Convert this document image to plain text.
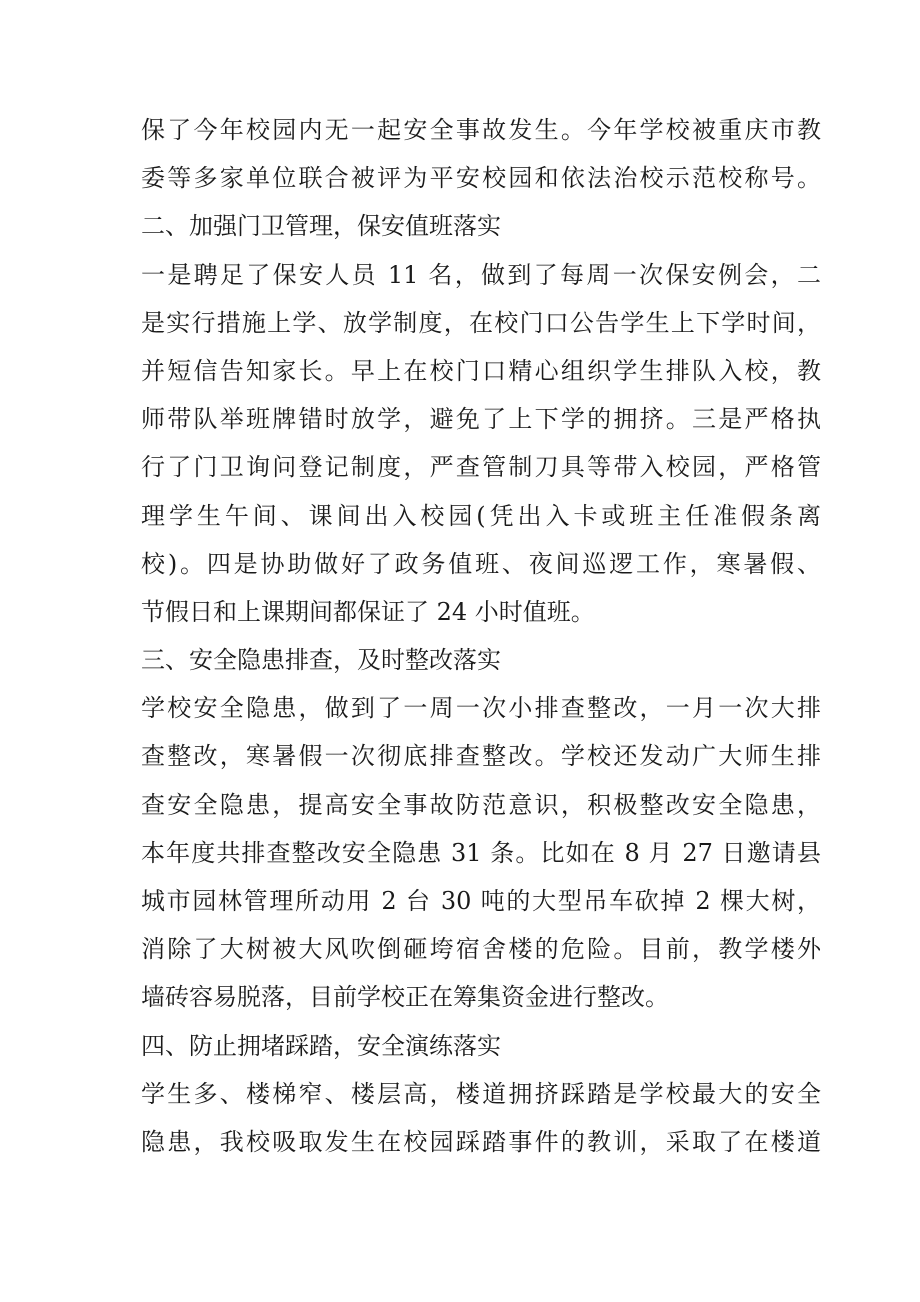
保了今年校园内无一起安全事故发生。今年学校被重庆市教
委等多家单位联合被评为平安校园和依法治校示范校称号。
二、加强门卫管理，保安值班落实
一是聘足了保安人员 11 名，做到了每周一次保安例会，二
是实行措施上学、放学制度，在校门口公告学生上下学时间，
并短信告知家长。早上在校门口精心组织学生排队入校，教
师带队举班牌错时放学，避免了上下学的拥挤。三是严格执
行了门卫询问登记制度，严查管制刀具等带入校园，严格管
理学生午间、课间出入校园(凭出入卡或班主任准假条离
校)。四是协助做好了政务值班、夜间巡逻工作，寒暑假、
节假日和上课期间都保证了 24 小时值班。
三、安全隐患排查，及时整改落实
学校安全隐患，做到了一周一次小排查整改，一月一次大排
查整改，寒暑假一次彻底排查整改。学校还发动广大师生排
查安全隐患，提高安全事故防范意识，积极整改安全隐患，
本年度共排查整改安全隐患 31 条。比如在 8 月 27 日邀请县
城市园林管理所动用 2 台 30 吨的大型吊车砍掉 2 棵大树，
消除了大树被大风吹倒砸垮宿舍楼的危险。目前，教学楼外
墙砖容易脱落，目前学校正在筹集资金进行整改。
四、防止拥堵踩踏，安全演练落实
学生多、楼梯窄、楼层高，楼道拥挤踩踏是学校最大的安全
隐患，我校吸取发生在校园踩踏事件的教训，采取了在楼道
